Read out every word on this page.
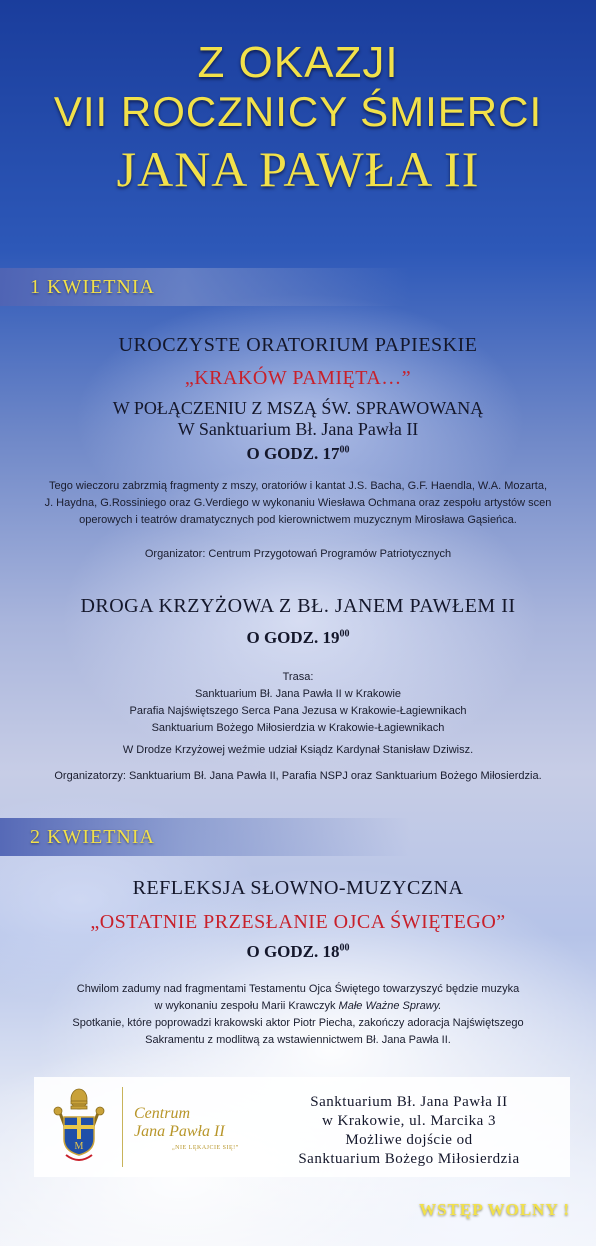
Z OKAZJI
VII ROCZNICY ŚMIERCI
JANA PAWŁA II
1 KWIETNIA
UROCZYSTE ORATORIUM PAPIESKIE
„KRAKÓW PAMIĘTA…”
W POŁĄCZENIU Z MSZĄ ŚW. SPRAWOWANĄ
W Sanktuarium Bł. Jana Pawła II
O GODZ. $17^{00}$
Tego wieczoru zabrzmią fragmenty z mszy, oratoriów i kantat J.S. Bacha, G.F. Haendla, W.A. Mozarta,
J. Haydna, G.Rossiniego oraz G.Verdiego w wykonaniu Wiesława Ochmana oraz zespołu artystów scen
operowych i teatrów dramatycznych pod kierownictwem muzycznym Mirosława Gąsieńca.
Organizator: Centrum Przygotowań Programów Patriotycznych
DROGA KRZYŻOWA Z BŁ. JANEM PAWŁEM II
O GODZ. $19^{00}$
Trasa:
Sanktuarium Bł. Jana Pawła II w Krakowie
Parafia Najświętszego Serca Pana Jezusa w Krakowie-Łagiewnikach
Sanktuarium Bożego Miłosierdzia w Krakowie-Łagiewnikach
W Drodze Krzyżowej weźmie udział Ksiądz Kardynał Stanisław Dziwisz.
Organizatorzy: Sanktuarium Bł. Jana Pawła II, Parafia NSPJ oraz Sanktuarium Bożego Miłosierdzia.
2 KWIETNIA
REFLEKSJA SŁOWNO-MUZYCZNA
„OSTATNIE PRZESŁANIE OJCA ŚWIĘTEGO”
O GODZ. $18^{00}$
Chwilom zadumy nad fragmentami Testamentu Ojca Świętego towarzyszyć będzie muzyka
w wykonaniu zespołu Marii Krawczyk Małe Ważne Sprawy.
Spotkanie, które poprowadzi krakowski aktor Piotr Piecha, zakończy adoracja Najświętszego
Sakramentu z modlitwą za wstawiennictwem Bł. Jana Pawła II.
M
Centrum
Jana Pawła II
„NIE LĘKAJCIE SIĘ!”
Sanktuarium Bł. Jana Pawła II
w Krakowie, ul. Marcika 3
Możliwe dojście od
Sanktuarium Bożego Miłosierdzia
WSTĘP WOLNY !
